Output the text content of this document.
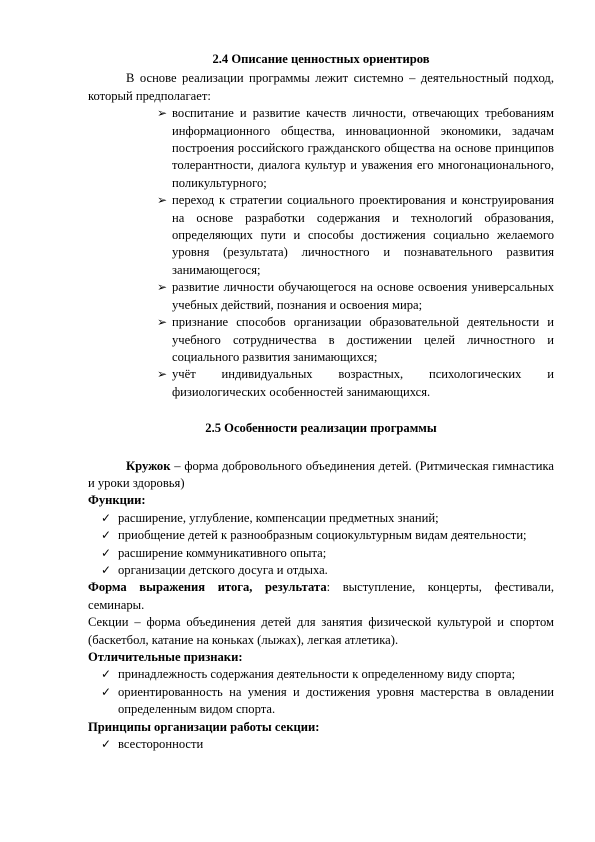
2.4 Описание ценностных ориентиров

В основе реализации программы лежит системно – деятельностный подход, который предполагает:

➢ воспитание и развитие качеств личности, отвечающих требованиям информационного общества, инновационной экономики, задачам построения российского гражданского общества на основе принципов толерантности, диалога культур и уважения его многонационального, поликультурного;
➢ переход к стратегии социального проектирования и конструирования на основе разработки содержания и технологий образования, определяющих пути и способы достижения социально желаемого уровня (результата) личностного и познавательного развития занимающегося;
➢ развитие личности обучающегося на основе освоения универсальных учебных действий, познания и освоения мира;
➢ признание способов организации образовательной деятельности и учебного сотрудничества в достижении целей личностного и социального развития занимающихся;
➢ учёт индивидуальных возрастных, психологических и физиологических особенностей занимающихся.
2.5 Особенности реализации программы

Кружок – форма добровольного объединения детей. (Ритмическая гимнастика и уроки здоровья)

Функции:

✓ расширение, углубление, компенсации предметных знаний;
✓ приобщение детей к разнообразным социокультурным видам деятельности;
✓ расширение коммуникативного опыта;
✓ организации детского досуга и отдыха.

Форма выражения итога, результата: выступление, концерты, фестивали, семинары.

Секции – форма объединения детей для занятия физической культурой и спортом (баскетбол, катание на коньках (лыжах), легкая атлетика).

Отличительные признаки:

✓ принадлежность содержания деятельности к определенному виду спорта;
✓ ориентированность на умения и достижения уровня мастерства в овладении определенным видом спорта.

Принципы организации работы секции:

✓ всесторонности
